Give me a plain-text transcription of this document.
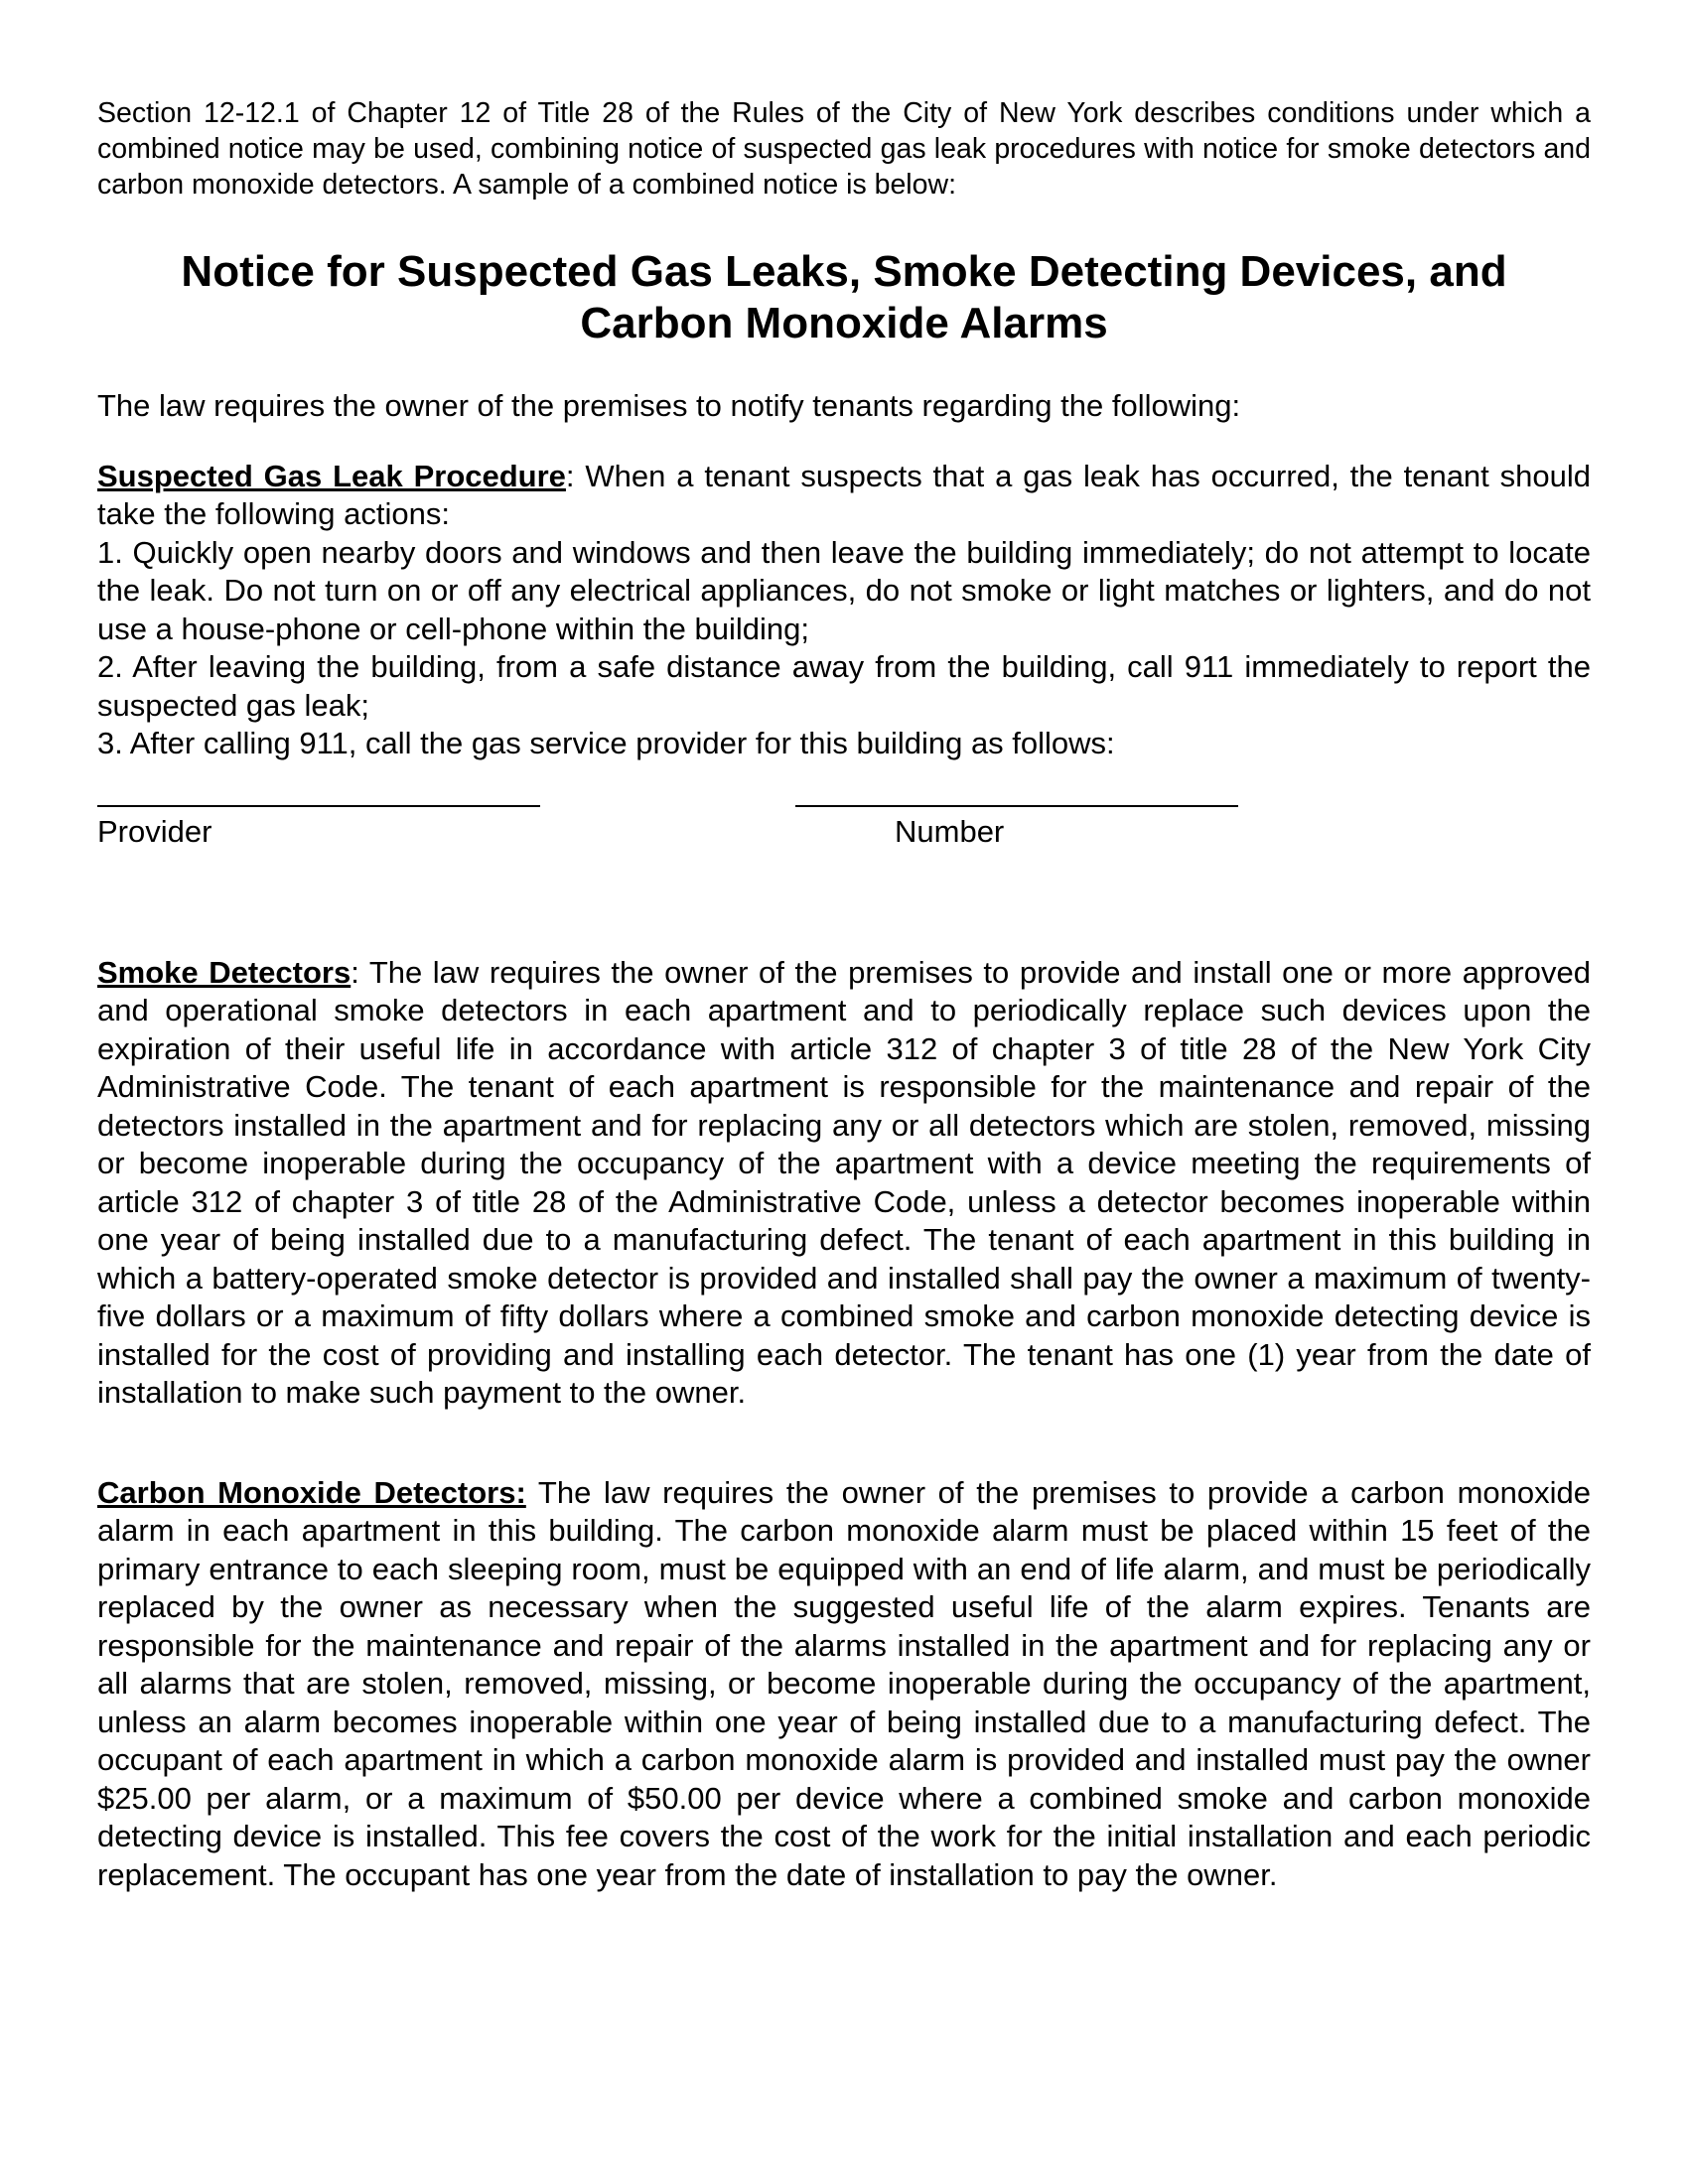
Section 12-12.1 of Chapter 12 of Title 28 of the Rules of the City of New York describes conditions under which a combined notice may be used, combining notice of suspected gas leak procedures with notice for smoke detectors and carbon monoxide detectors. A sample of a combined notice is below:

Notice for Suspected Gas Leaks, Smoke Detecting Devices, and
Carbon Monoxide Alarms

The law requires the owner of the premises to notify tenants regarding the following:

Suspected Gas Leak Procedure: When a tenant suspects that a gas leak has occurred, the tenant should take the following actions:
1. Quickly open nearby doors and windows and then leave the building immediately; do not attempt to locate the leak. Do not turn on or off any electrical appliances, do not smoke or light matches or lighters, and do not use a house-phone or cell-phone within the building;
2. After leaving the building, from a safe distance away from the building, call 911 immediately to report the suspected gas leak;
3. After calling 911, call the gas service provider for this building as follows:

Provider	Number

Smoke Detectors: The law requires the owner of the premises to provide and install one or more approved and operational smoke detectors in each apartment and to periodically replace such devices upon the expiration of their useful life in accordance with article 312 of chapter 3 of title 28 of the New York City Administrative Code. The tenant of each apartment is responsible for the maintenance and repair of the detectors installed in the apartment and for replacing any or all detectors which are stolen, removed, missing or become inoperable during the occupancy of the apartment with a device meeting the requirements of article 312 of chapter 3 of title 28 of the Administrative Code, unless a detector becomes inoperable within one year of being installed due to a manufacturing defect. The tenant of each apartment in this building in which a battery-operated smoke detector is provided and installed shall pay the owner a maximum of twenty-five dollars or a maximum of fifty dollars where a combined smoke and carbon monoxide detecting device is installed for the cost of providing and installing each detector. The tenant has one (1) year from the date of installation to make such payment to the owner.

Carbon Monoxide Detectors: The law requires the owner of the premises to provide a carbon monoxide alarm in each apartment in this building. The carbon monoxide alarm must be placed within 15 feet of the primary entrance to each sleeping room, must be equipped with an end of life alarm, and must be periodically replaced by the owner as necessary when the suggested useful life of the alarm expires. Tenants are responsible for the maintenance and repair of the alarms installed in the apartment and for replacing any or all alarms that are stolen, removed, missing, or become inoperable during the occupancy of the apartment, unless an alarm becomes inoperable within one year of being installed due to a manufacturing defect. The occupant of each apartment in which a carbon monoxide alarm is provided and installed must pay the owner $25.00 per alarm, or a maximum of $50.00 per device where a combined smoke and carbon monoxide detecting device is installed. This fee covers the cost of the work for the initial installation and each periodic replacement. The occupant has one year from the date of installation to pay the owner.
